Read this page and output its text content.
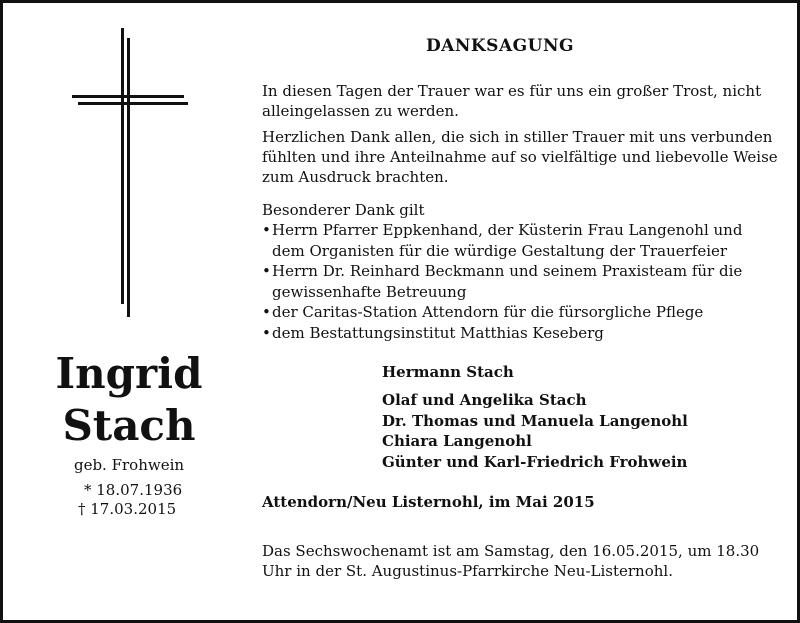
Ingrid
Stach
geb. Frohwein
* 18.07.1936
† 17.03.2015
DANKSAGUNG

In diesen Tagen der Trauer war es für uns ein großer Trost, nicht alleingelassen zu werden.

Herzlichen Dank allen, die sich in stiller Trauer mit uns verbunden fühlten und ihre Anteilnahme auf so vielfältige und liebevolle Weise zum Ausdruck brachten.

Besonderer Dank gilt

• Herrn Pfarrer Eppkenhand, der Küsterin Frau Langenohl und
dem Organisten für die würdige Gestaltung der Trauerfeier
• Herrn Dr. Reinhard Beckmann und seinem Praxisteam für die
gewissenhafte Betreuung
• der Caritas-Station Attendorn für die fürsorgliche Pflege
• dem Bestattungsinstitut Matthias Keseberg
Hermann Stach
Olaf und Angelika Stach
Dr. Thomas und Manuela Langenohl
Chiara Langenohl
Günter und Karl-Friedrich Frohwein
Attendorn/Neu Listernohl, im Mai 2015

Das Sechswochenamt ist am Samstag, den 16.05.2015, um 18.30 Uhr in der St. Augustinus-Pfarrkirche Neu-Listernohl.
